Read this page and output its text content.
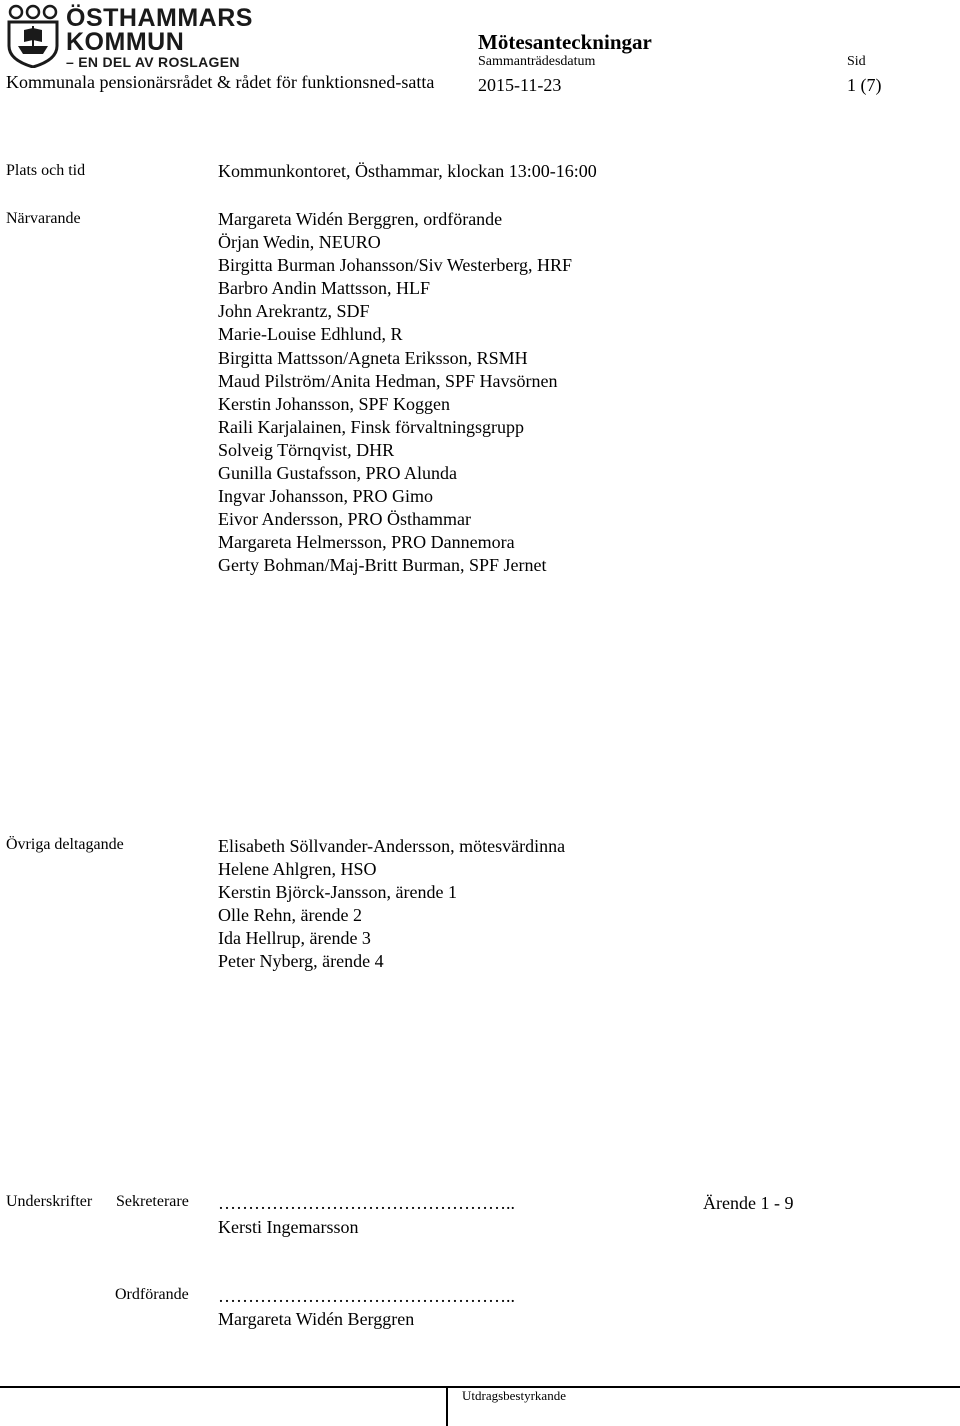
ÖSTHAMMARS
KOMMUN
– EN DEL AV ROSLAGEN
Kommunala pensionärsrådet & rådet för funktionsned-satta
Mötesanteckningar
Sammanträdesdatum
2015-11-23
Sid
1 (7)
Plats och tid	Kommunkontoret, Östhammar, klockan 13:00-16:00
Närvarande	Margareta Widén Berggren, ordförande
Örjan Wedin, NEURO
Birgitta Burman Johansson/Siv Westerberg, HRF
Barbro Andin Mattsson, HLF
John Arekrantz, SDF
Marie-Louise Edhlund, R
Birgitta Mattsson/Agneta Eriksson, RSMH
Maud Pilström/Anita Hedman, SPF Havsörnen
Kerstin Johansson, SPF Koggen
Raili Karjalainen, Finsk förvaltningsgrupp
Solveig Törnqvist, DHR
Gunilla Gustafsson, PRO Alunda
Ingvar Johansson, PRO Gimo
Eivor Andersson, PRO Östhammar
Margareta Helmersson, PRO Dannemora
Gerty Bohman/Maj-Britt Burman, SPF Jernet
Övriga deltagande	Elisabeth Söllvander-Andersson, mötesvärdinna
Helene Ahlgren, HSO
Kerstin Björck-Jansson, ärende 1
Olle Rehn, ärende 2
Ida Hellrup, ärende 3
Peter Nyberg, ärende 4
Underskrifter Sekreterare …………………………………………..
Kersti Ingemarsson
Ärende 1 - 9
Ordförande …………………………………………..
Margareta Widén Berggren
Utdragsbestyrkande
